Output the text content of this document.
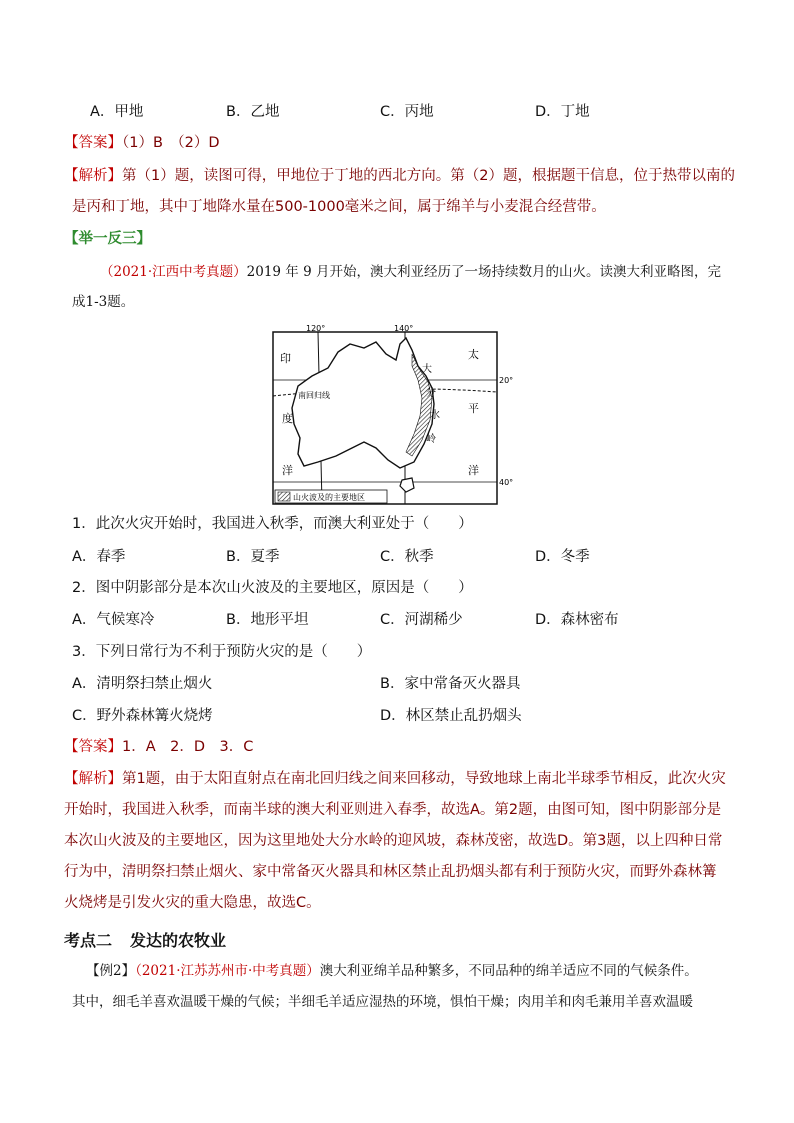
A．甲地	B．乙地	C．丙地	D．丁地
【答案】（1）B　（2）D
【解析】第（1）题，读图可得，甲地位于丁地的西北方向。第（2）题，根据题干信息，位于热带以南的
是丙和丁地，其中丁地降水量在500-1000毫米之间，属于绵羊与小麦混合经营带。
【举一反三】
（2021·江西中考真题）2019 年 9 月开始，澳大利亚经历了一场持续数月的山火。读澳大利亚略图，完
成1-3题。
120°	140°
20°
40°
南回归线
印
度
洋
太
平
洋
大
分
水
岭
山火波及的主要地区
1．此次火灾开始时，我国进入秋季，而澳大利亚处于（　　）
A．春季	B．夏季	C．秋季	D．冬季
2．图中阴影部分是本次山火波及的主要地区，原因是（　　）
A．气候寒冷	B．地形平坦	C．河湖稀少	D．森林密布
3．下列日常行为不利于预防火灾的是（　　）
A．清明祭扫禁止烟火	B．家中常备灭火器具
C．野外森林篝火烧烤	D．林区禁止乱扔烟头
【答案】1．A　2．D　3．C
【解析】第1题，由于太阳直射点在南北回归线之间来回移动，导致地球上南北半球季节相反，此次火灾开始时，我国进入秋季，而南半球的澳大利亚则进入春季，故选A。第2题，由图可知，图中阴影部分是本次山火波及的主要地区，因为这里地处大分水岭的迎风坡，森林茂密，故选D。第3题，以上四种日常行为中，清明祭扫禁止烟火、家中常备灭火器具和林区禁止乱扔烟头都有利于预防火灾，而野外森林篝火烧烤是引发火灾的重大隐患，故选C。
考点二 发达的农牧业
【例2】（2021·江苏苏州市·中考真题）澳大利亚绵羊品种繁多，不同品种的绵羊适应不同的气候条件。
其中，细毛羊喜欢温暖干燥的气候；半细毛羊适应湿热的环境，惧怕干燥；肉用羊和肉毛兼用羊喜欢温暖
